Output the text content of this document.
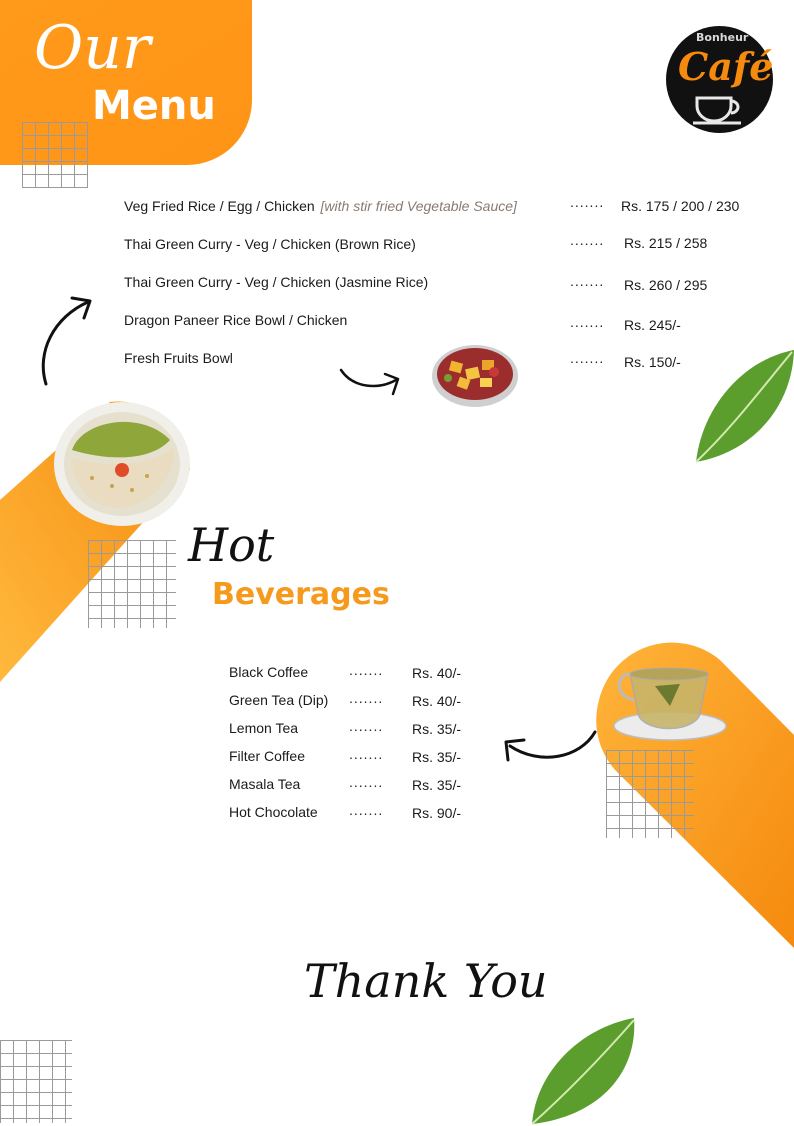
Our
Menu
Bonheur
Café
Veg Fried Rice / Egg / Chicken [with stir fried Vegetable Sauce]	....... Rs. 175 / 200 / 230
Thai Green Curry - Veg / Chicken (Brown Rice)	....... Rs. 215 / 258
Thai Green Curry - Veg / Chicken (Jasmine Rice)	....... Rs. 260 / 295
Dragon Paneer Rice Bowl / Chicken	....... Rs. 245/-
Fresh Fruits Bowl	....... Rs. 150/-
Hot
Beverages
Black Coffee	....... Rs. 40/-
Green Tea (Dip) ....... Rs. 40/-
Lemon Tea	....... Rs. 35/-
Filter Coffee	....... Rs. 35/-
Masala Tea	....... Rs. 35/-
Hot Chocolate ....... Rs. 90/-
Thank You
